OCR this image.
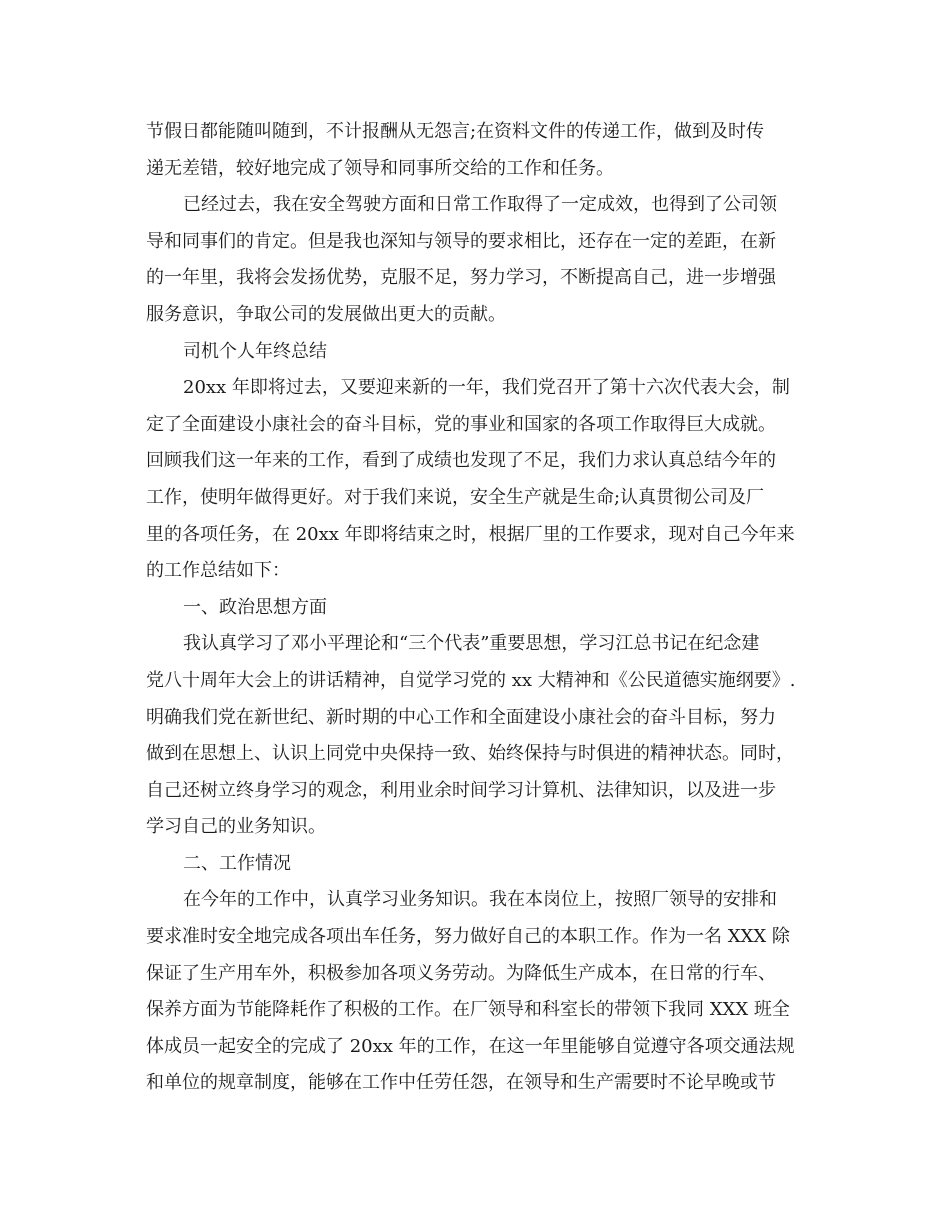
节假日都能随叫随到，不计报酬从无怨言;在资料文件的传递工作，做到及时传
递无差错，较好地完成了领导和同事所交给的工作和任务。
已经过去，我在安全驾驶方面和日常工作取得了一定成效，也得到了公司领
导和同事们的肯定。但是我也深知与领导的要求相比，还存在一定的差距，在新
的一年里，我将会发扬优势，克服不足，努力学习，不断提高自己，进一步增强
服务意识，争取公司的发展做出更大的贡献。
司机个人年终总结
20xx 年即将过去，又要迎来新的一年，我们党召开了第十六次代表大会，制
定了全面建设小康社会的奋斗目标，党的事业和国家的各项工作取得巨大成就。
回顾我们这一年来的工作，看到了成绩也发现了不足，我们力求认真总结今年的
工作，使明年做得更好。对于我们来说，安全生产就是生命;认真贯彻公司及厂
里的各项任务，在 20xx 年即将结束之时，根据厂里的工作要求，现对自己今年来
的工作总结如下：
一、政治思想方面
我认真学习了邓小平理论和“三个代表”重要思想，学习江总书记在纪念建
党八十周年大会上的讲话精神，自觉学习党的 xx 大精神和《公民道德实施纲要》.
明确我们党在新世纪、新时期的中心工作和全面建设小康社会的奋斗目标，努力
做到在思想上、认识上同党中央保持一致、始终保持与时俱进的精神状态。同时，
自己还树立终身学习的观念，利用业余时间学习计算机、法律知识，以及进一步
学习自己的业务知识。
二、工作情况
在今年的工作中，认真学习业务知识。我在本岗位上，按照厂领导的安排和
要求准时安全地完成各项出车任务，努力做好自己的本职工作。作为一名 XXX 除
保证了生产用车外，积极参加各项义务劳动。为降低生产成本，在日常的行车、
保养方面为节能降耗作了积极的工作。在厂领导和科室长的带领下我同 XXX 班全
体成员一起安全的完成了 20xx 年的工作，在这一年里能够自觉遵守各项交通法规
和单位的规章制度，能够在工作中任劳任怨，在领导和生产需要时不论早晚或节
